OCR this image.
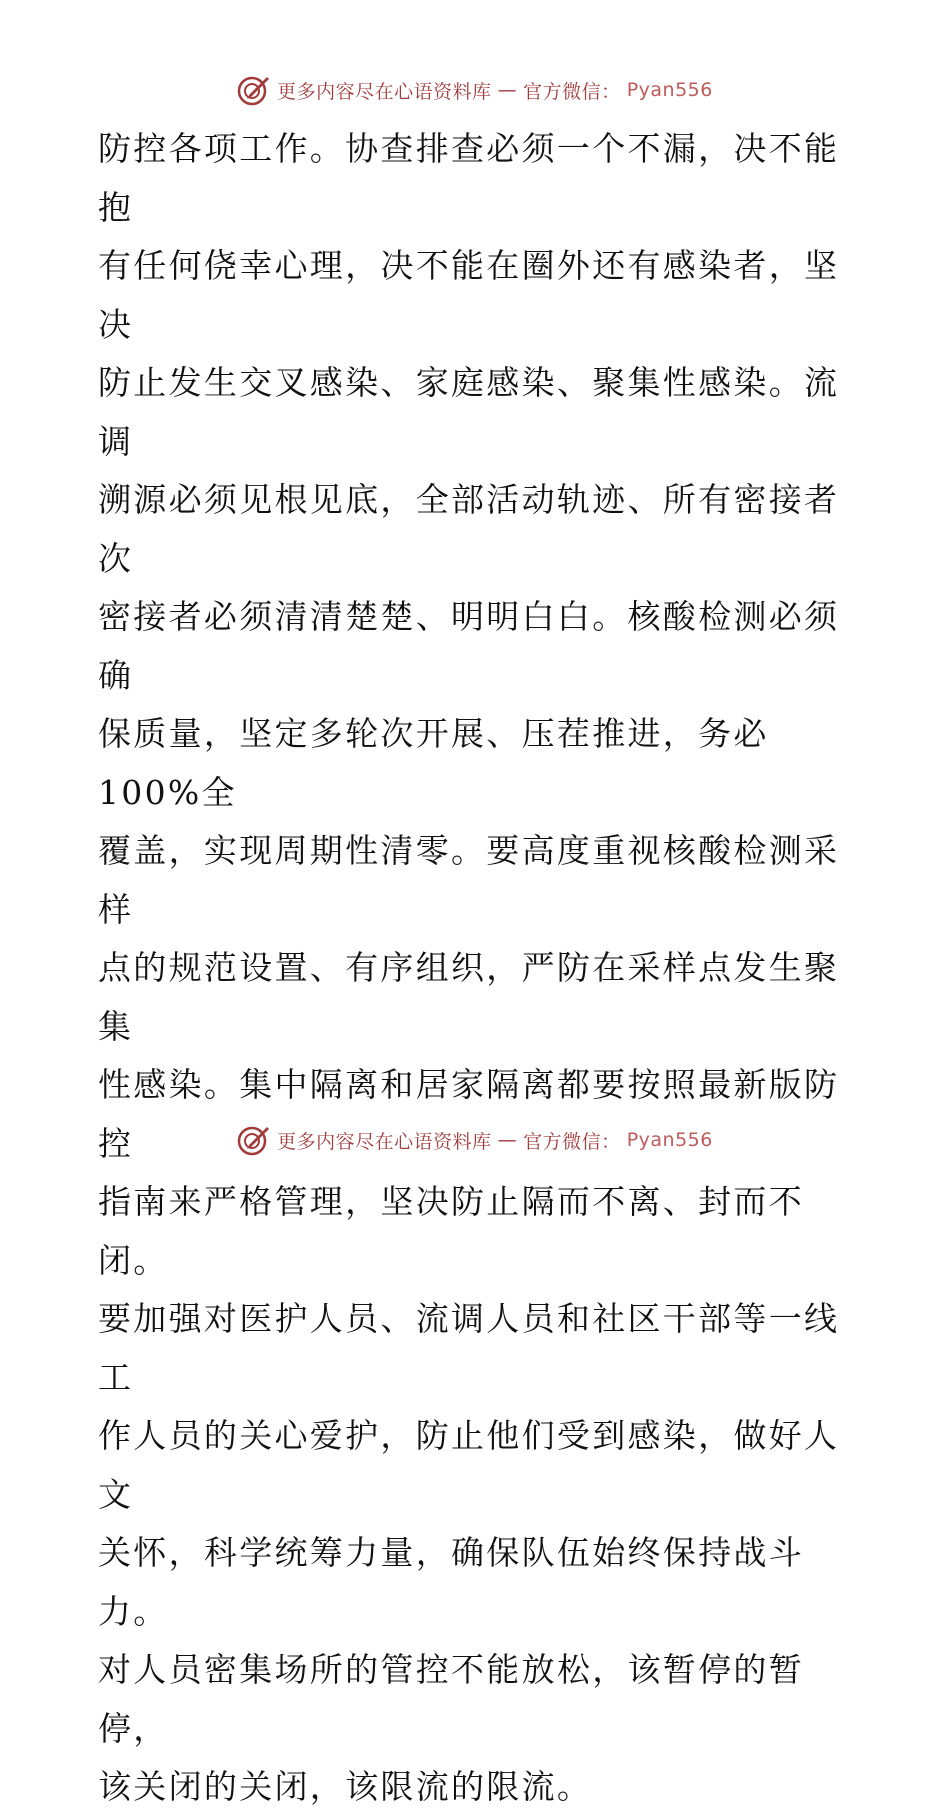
更多内容尽在心语资料库 — 官方微信： Pyan556

防控各项工作。协查排查必须一个不漏，决不能抱

有任何侥幸心理，决不能在圈外还有感染者，坚决

防止发生交叉感染、家庭感染、聚集性感染。流调

溯源必须见根见底，全部活动轨迹、所有密接者次

密接者必须清清楚楚、明明白白。核酸检测必须确

保质量，坚定多轮次开展、压茬推进，务必100%全

覆盖，实现周期性清零。要高度重视核酸检测采样

点的规范设置、有序组织，严防在采样点发生聚集

性感染。集中隔离和居家隔离都要按照最新版防控

指南来严格管理，坚决防止隔而不离、封而不闭。

要加强对医护人员、流调人员和社区干部等一线工

作人员的关心爱护，防止他们受到感染，做好人文

关怀，科学统筹力量，确保队伍始终保持战斗力。

对人员密集场所的管控不能放松，该暂停的暂停，

该关闭的关闭，该限流的限流。

更多内容尽在心语资料库 — 官方微信： Pyan556
